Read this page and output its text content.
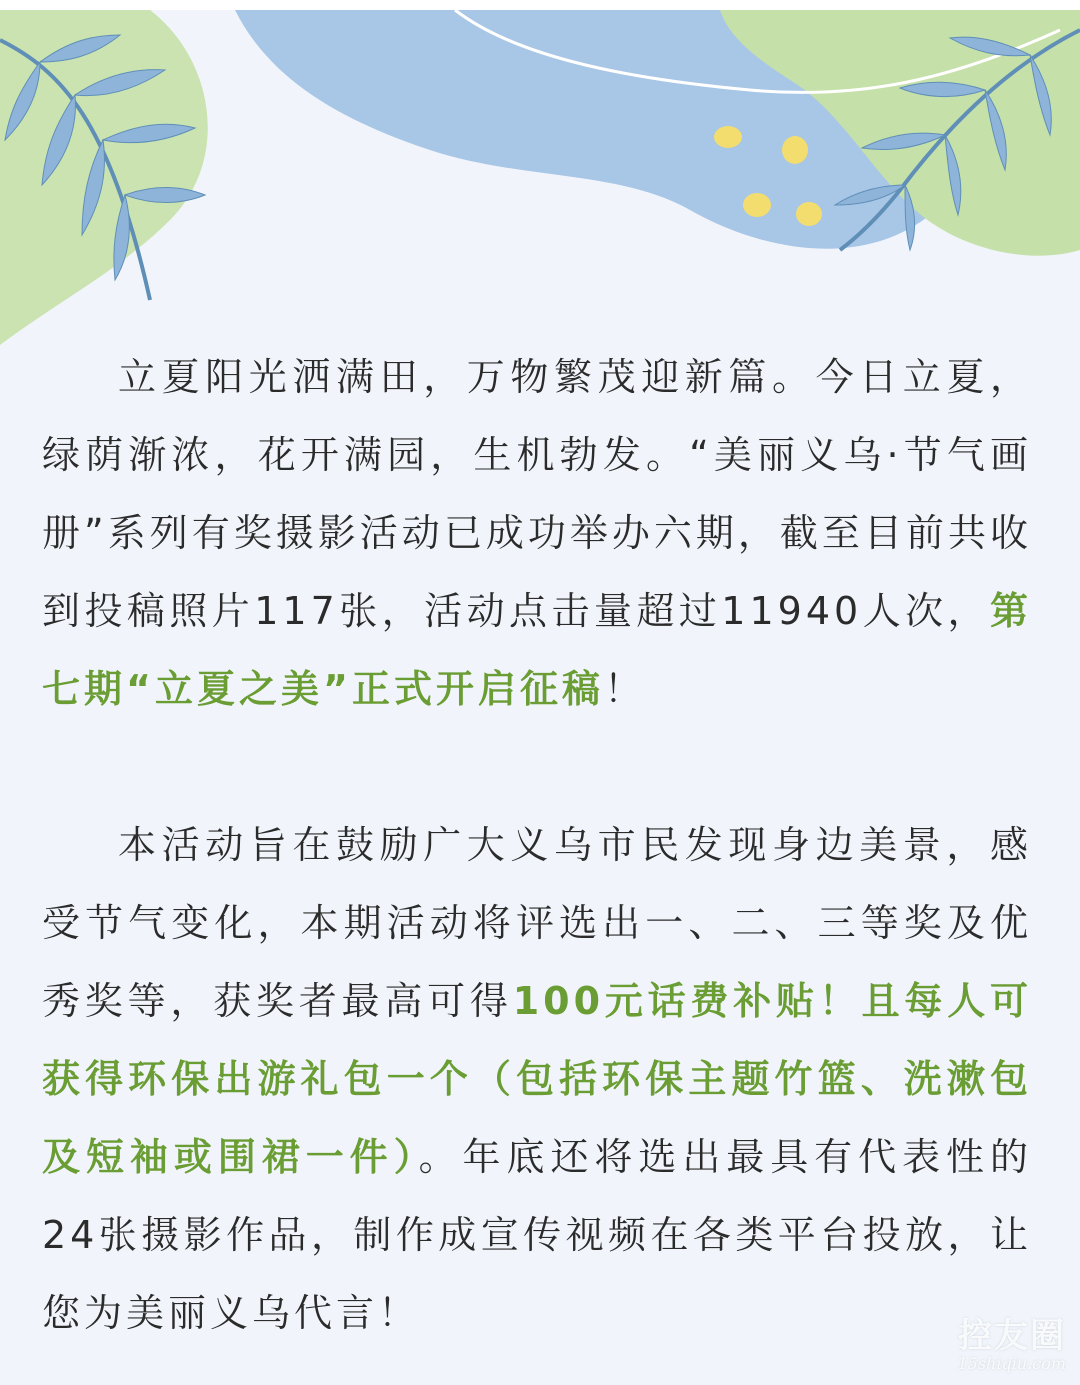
立夏阳光洒满田，万物繁茂迎新篇。今日立夏，绿荫渐浓，花开满园，生机勃发。“美丽义乌·节气画册”系列有奖摄影活动已成功举办六期，截至目前共收到投稿照片117张，活动点击量超过11940人次，第七期“立夏之美”正式开启征稿！

本活动旨在鼓励广大义乌市民发现身边美景，感受节气变化，本期活动将评选出一、二、三等奖及优秀奖等，获奖者最高可得100元话费补贴！且每人可获得环保出游礼包一个（包括环保主题竹篮、洗漱包及短袖或围裙一件）。年底还将选出最具有代表性的24张摄影作品，制作成宣传视频在各类平台投放，让您为美丽义乌代言！

控友圈
15shiqiu.com
